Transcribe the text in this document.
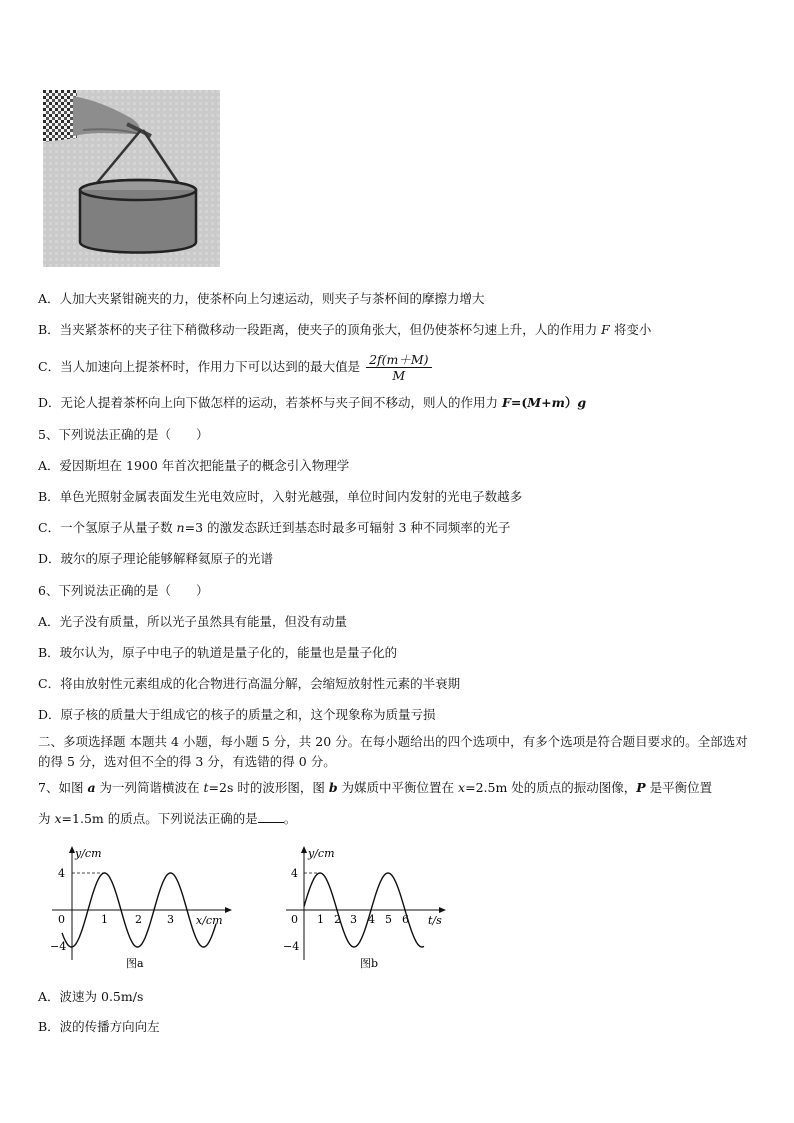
A．人加大夹紧钳碗夹的力，使茶杯向上匀速运动，则夹子与茶杯间的摩擦力增大
B．当夹紧茶杯的夹子往下稍微移动一段距离，使夹子的顶角张大，但仍使茶杯匀速上升，人的作用力 F 将变小
C．当人加速向上提茶杯时，作用力下可以达到的最大值是 $\frac{2f(m+M)}{M}$
D．无论人提着茶杯向上向下做怎样的运动，若茶杯与夹子间不移动，则人的作用力 F=(M+m）g
5、下列说法正确的是（　　）
A．爱因斯坦在 1900 年首次把能量子的概念引入物理学
B．单色光照射金属表面发生光电效应时，入射光越强，单位时间内发射的光电子数越多
C．一个氢原子从量子数 n=3 的激发态跃迁到基态时最多可辐射 3 种不同频率的光子
D．玻尔的原子理论能够解释氦原子的光谱
6、下列说法正确的是（　　）
A．光子没有质量，所以光子虽然具有能量，但没有动量
B．玻尔认为，原子中电子的轨道是量子化的，能量也是量子化的
C．将由放射性元素组成的化合物进行高温分解，会缩短放射性元素的半衰期
D．原子核的质量大于组成它的核子的质量之和，这个现象称为质量亏损
二、多项选择题 本题共 4 小题，每小题 5 分，共 20 分。在每小题给出的四个选项中，有多个选项是符合题目要求的。全部选对的得 5 分，选对但不全的得 3 分，有选错的得 0 分。
7、如图 a 为一列简谐横波在 t=2s 时的波形图，图 b 为媒质中平衡位置在 x=2.5m 处的质点的振动图像，P 是平衡位置
为 x=1.5m 的质点。下列说法正确的是 。
y/cm
x/cm
4
−4
0	1 2 3
图a
y/cm
t/s
4
−4
0 1 2 3 4 5 6
图b
A．波速为 0.5m/s
B．波的传播方向向左
